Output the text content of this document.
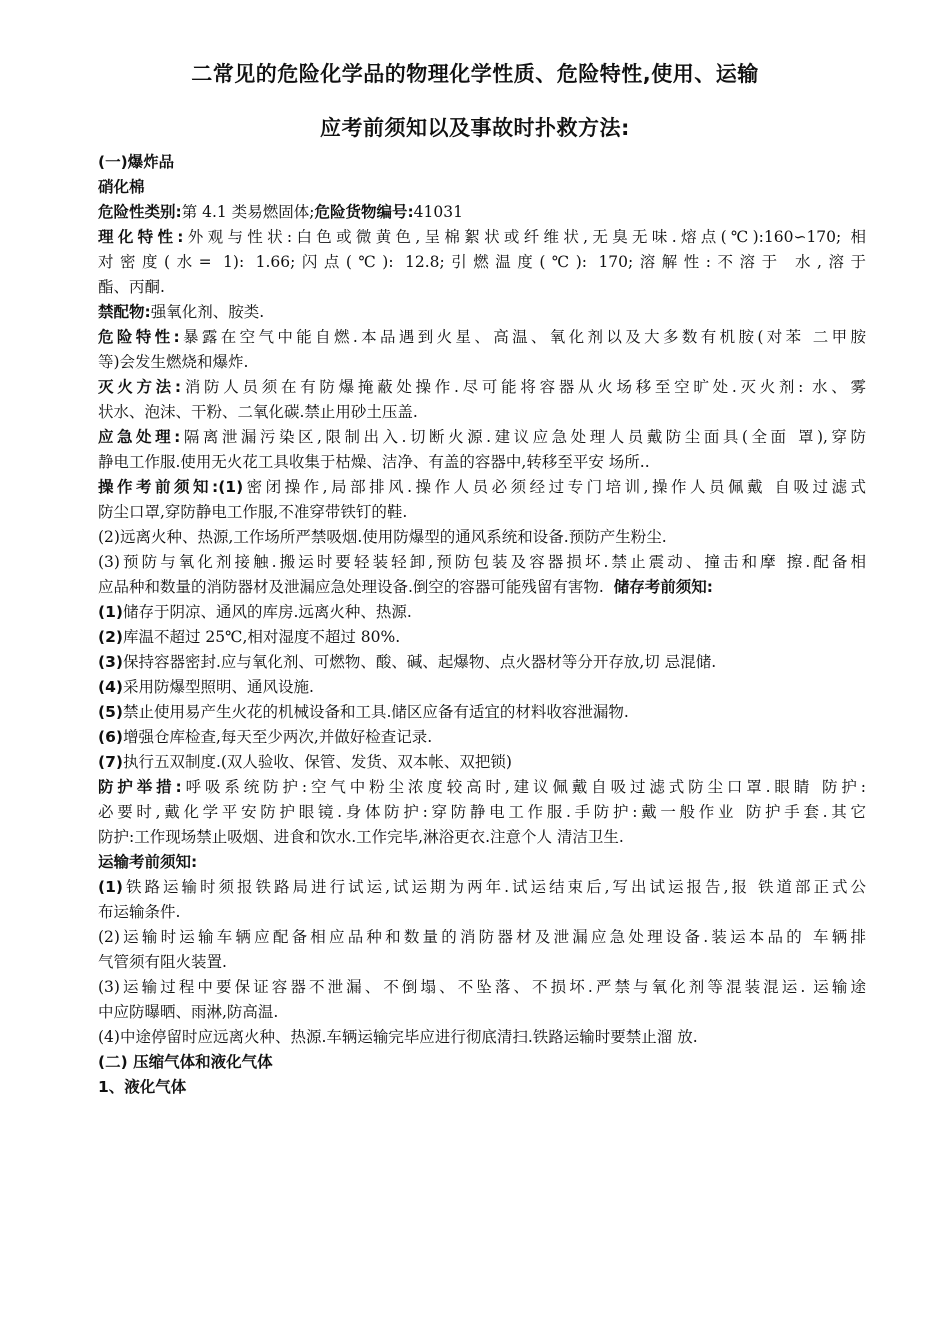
二常见的危险化学品的物理化学性质、危险特性,使用、运输
应考前须知以及事故时扑救方法:
(一)爆炸品
硝化棉
危险性类别:第 4.1 类易燃固体;危险货物编号:41031
理化特性:外观与性状:白色或微黄色,呈棉絮状或纤维状,无臭无味.熔点(℃):160∽170; 相
对密度(水= 1): 1.66;闪点(℃): 12.8;引燃温度(℃): 170;溶解性:不溶于 水,溶于
酯、丙酮.
禁配物:强氧化剂、胺类.
危险特性:暴露在空气中能自燃.本品遇到火星、高温、氧化剂以及大多数有机胺(对苯 二甲胺
等)会发生燃烧和爆炸.
灭火方法:消防人员须在有防爆掩蔽处操作.尽可能将容器从火场移至空旷处.灭火剂: 水、雾
状水、泡沫、干粉、二氧化碳.禁止用砂土压盖.
应急处理:隔离泄漏污染区,限制出入.切断火源.建议应急处理人员戴防尘面具(全面 罩),穿防
静电工作服.使用无火花工具收集于枯燥、洁净、有盖的容器中,转移至平安 场所..
操作考前须知:(1)密闭操作,局部排风.操作人员必须经过专门培训,操作人员佩戴 自吸过滤式
防尘口罩,穿防静电工作服,不准穿带铁钉的鞋.
(2)远离火种、热源,工作场所严禁吸烟.使用防爆型的通风系统和设备.预防产生粉尘.
(3)预防与氧化剂接触.搬运时要轻装轻卸,预防包装及容器损坏.禁止震动、撞击和摩 擦.配备相
应品种和数量的消防器材及泄漏应急处理设备.倒空的容器可能残留有害物. 储存考前须知:
(1)储存于阴凉、通风的库房.远离火种、热源.
(2)库温不超过 25℃,相对湿度不超过 80%.
(3)保持容器密封.应与氧化剂、可燃物、酸、碱、起爆物、点火器材等分开存放,切 忌混储.
(4)采用防爆型照明、通风设施.
(5)禁止使用易产生火花的机械设备和工具.储区应备有适宜的材料收容泄漏物.
(6)增强仓库检查,每天至少两次,并做好检查记录.
(7)执行五双制度.(双人验收、保管、发货、双本帐、双把锁)
防护举措:呼吸系统防护:空气中粉尘浓度较高时,建议佩戴自吸过滤式防尘口罩.眼睛 防护:
必要时,戴化学平安防护眼镜.身体防护:穿防静电工作服.手防护:戴一般作业 防护手套.其它
防护:工作现场禁止吸烟、进食和饮水.工作完毕,淋浴更衣.注意个人 清洁卫生.
运输考前须知:
(1)铁路运输时须报铁路局进行试运,试运期为两年.试运结束后,写出试运报告,报 铁道部正式公
布运输条件.
(2)运输时运输车辆应配备相应品种和数量的消防器材及泄漏应急处理设备.装运本品的 车辆排
气管须有阻火装置.
(3)运输过程中要保证容器不泄漏、不倒塌、不坠落、不损坏.严禁与氧化剂等混装混运. 运输途
中应防曝晒、雨淋,防高温.
(4)中途停留时应远离火种、热源.车辆运输完毕应进行彻底清扫.铁路运输时要禁止溜 放.
(二) 压缩气体和液化气体
1、液化气体
